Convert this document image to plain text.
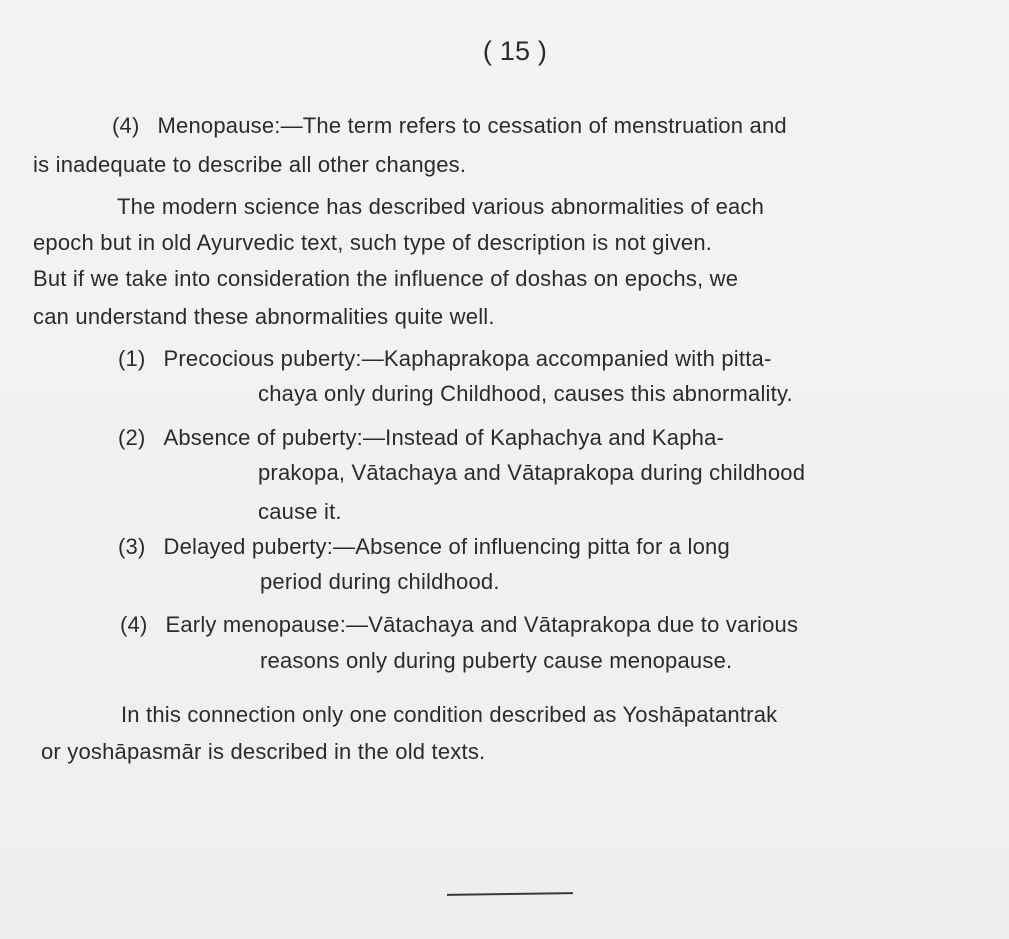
( 15 )
(4) Menopause:—The term refers to cessation of menstruation and
is inadequate to describe all other changes.
The modern science has described various abnormalities of each
epoch but in old Ayurvedic text, such type of description is not given.
But if we take into consideration the influence of doshas on epochs, we
can understand these abnormalities quite well.
(1) Precocious puberty:—Kaphaprakopa accompanied with pitta-
chaya only during Childhood, causes this abnormality.
(2) Absence of puberty:—Instead of Kaphachya and Kapha-
prakopa, Vātachaya and Vātaprakopa during childhood
cause it.
(3) Delayed puberty:—Absence of influencing pitta for a long
period during childhood.
(4) Early menopause:—Vātachaya and Vātaprakopa due to various
reasons only during puberty cause menopause.
In this connection only one condition described as Yoshāpatantrak
or yoshāpasmār is described in the old texts.
